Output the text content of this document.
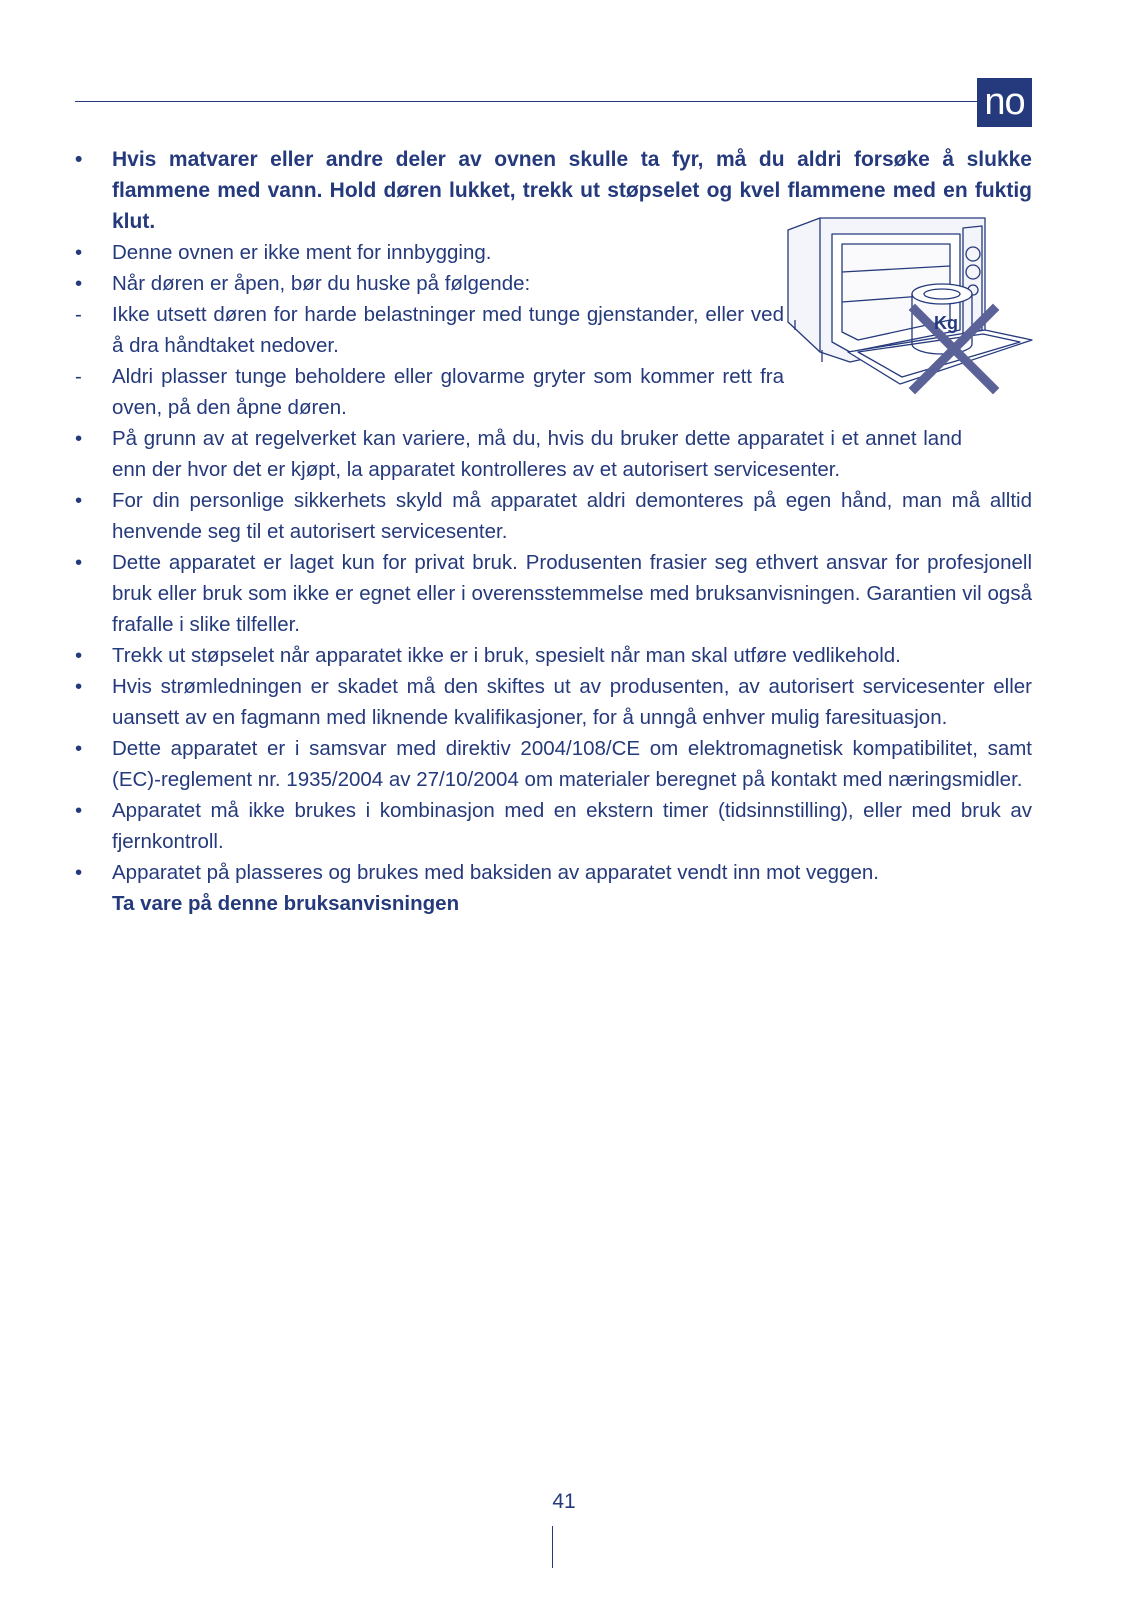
no

•	Hvis matvarer eller andre deler av ovnen skulle ta fyr, må du aldri forsøke å slukke flammene med vann. Hold døren lukket, trekk ut støpselet og kvel flammene med en fuktig klut.

•	Denne ovnen er ikke ment for innbygging.

•	Når døren er åpen, bør du huske på følgende:

-	Ikke utsett døren for harde belastninger med tunge gjenstander, eller ved å dra håndtaket nedover.

-	Aldri plasser tunge beholdere eller glovarme gryter som kommer rett fra oven, på den åpne døren.

•	På grunn av at regelverket kan variere, må du, hvis du bruker dette apparatet i et annet land enn der hvor det er kjøpt, la apparatet kontrolleres av et autorisert servicesenter.

•	For din personlige sikkerhets skyld må apparatet aldri demonteres på egen hånd, man må alltid henvende seg til et autorisert servicesenter.

•	Dette apparatet er laget kun for privat bruk. Produsenten frasier seg ethvert ansvar for profesjonell bruk eller bruk som ikke er egnet eller i overensstemmelse med bruksanvisningen. Garantien vil også frafalle i slike tilfeller.

•	Trekk ut støpselet når apparatet ikke er i bruk, spesielt når man skal utføre vedlikehold.

•	Hvis strømledningen er skadet må den skiftes ut av produsenten, av autorisert servicesenter eller uansett av en fagmann med liknende kvalifikasjoner, for å unngå enhver mulig faresituasjon.

•	Dette apparatet er i samsvar med direktiv 2004/108/CE om elektromagnetisk kompatibilitet, samt (EC)-reglement nr. 1935/2004 av 27/10/2004 om materialer beregnet på kontakt med næringsmidler.

•	Apparatet må ikke brukes i kombinasjon med en ekstern timer (tidsinnstilling), eller med bruk av fjernkontroll.

•	Apparatet på plasseres og brukes med baksiden av apparatet vendt inn mot veggen.

Ta vare på denne bruksanvisningen

Kg
41
